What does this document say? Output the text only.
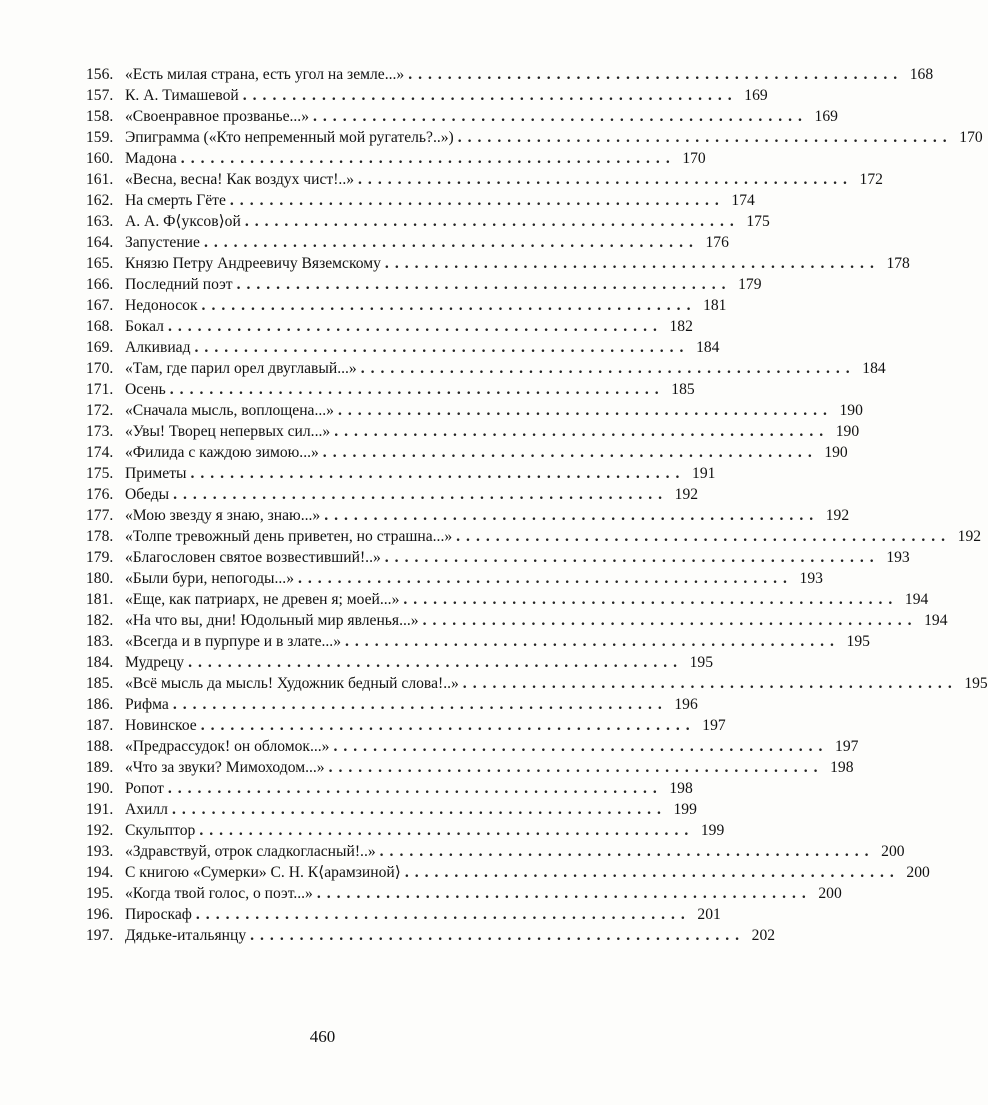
156. «Есть милая страна, есть угол на земле...» .................................................. 168
157. К. А. Тимашевой .................................................. 169
158. «Своенравное прозванье...» .................................................. 169
159. Эпиграмма («Кто непременный мой ругатель?..») .................................................. 170
160. Мадона .................................................. 170
161. «Весна, весна! Как воздух чист!..» .................................................. 172
162. На смерть Гёте .................................................. 174
163. А. А. Ф⟨уксов⟩ой .................................................. 175
164. Запустение .................................................. 176
165. Князю Петру Андреевичу Вяземскому .................................................. 178
166. Последний поэт .................................................. 179
167. Недоносок .................................................. 181
168. Бокал .................................................. 182
169. Алкивиад .................................................. 184
170. «Там, где парил орел двуглавый...» .................................................. 184
171. Осень .................................................. 185
172. «Сначала мысль, воплощена...» .................................................. 190
173. «Увы! Творец непервых сил...» .................................................. 190
174. «Филида с каждою зимою...» .................................................. 190
175. Приметы .................................................. 191
176. Обеды .................................................. 192
177. «Мою звезду я знаю, знаю...» .................................................. 192
178. «Толпе тревожный день приветен, но страшна...» .................................................. 192
179. «Благословен святое возвестивший!..» .................................................. 193
180. «Были бури, непогоды...» .................................................. 193
181. «Еще, как патриарх, не древен я; моей...» .................................................. 194
182. «На что вы, дни! Юдольный мир явленья...» .................................................. 194
183. «Всегда и в пурпуре и в злате...» .................................................. 195
184. Мудрецу .................................................. 195
185. «Всё мысль да мысль! Художник бедный слова!..» .................................................. 195
186. Рифма .................................................. 196
187. Новинское .................................................. 197
188. «Предрассудок! он обломок...» .................................................. 197
189. «Что за звуки? Мимоходом...» .................................................. 198
190. Ропот .................................................. 198
191. Ахилл .................................................. 199
192. Скульптор .................................................. 199
193. «Здравствуй, отрок сладкогласный!..» .................................................. 200
194. С книгою «Сумерки» С. Н. К⟨арамзиной⟩ .................................................. 200
195. «Когда твой голос, о поэт...» .................................................. 200
196. Пироскаф .................................................. 201
197. Дядьке-итальянцу .................................................. 202
460
